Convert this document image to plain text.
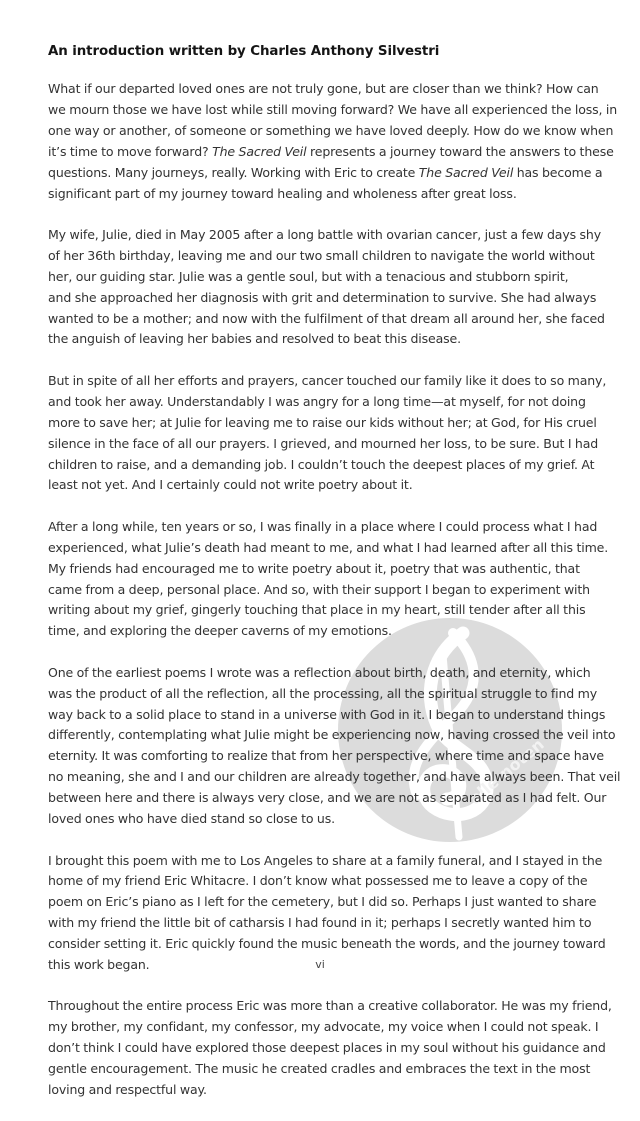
alle-noten
An introduction written by Charles Anthony Silvestri

What if our departed loved ones are not truly gone, but are closer than we think? How can
we mourn those we have lost while still moving forward? We have all experienced the loss, in
one way or another, of someone or something we have loved deeply. How do we know when
it’s time to move forward? The Sacred Veil represents a journey toward the answers to these
questions. Many journeys, really. Working with Eric to create The Sacred Veil has become a
significant part of my journey toward healing and wholeness after great loss.

My wife, Julie, died in May 2005 after a long battle with ovarian cancer, just a few days shy
of her 36th birthday, leaving me and our two small children to navigate the world without
her, our guiding star. Julie was a gentle soul, but with a tenacious and stubborn spirit,
and she approached her diagnosis with grit and determination to survive. She had always
wanted to be a mother; and now with the fulfilment of that dream all around her, she faced
the anguish of leaving her babies and resolved to beat this disease.

But in spite of all her efforts and prayers, cancer touched our family like it does to so many,
and took her away. Understandably I was angry for a long time—at myself, for not doing
more to save her; at Julie for leaving me to raise our kids without her; at God, for His cruel
silence in the face of all our prayers. I grieved, and mourned her loss, to be sure. But I had
children to raise, and a demanding job. I couldn’t touch the deepest places of my grief. At
least not yet. And I certainly could not write poetry about it.

After a long while, ten years or so, I was finally in a place where I could process what I had
experienced, what Julie’s death had meant to me, and what I had learned after all this time.
My friends had encouraged me to write poetry about it, poetry that was authentic, that
came from a deep, personal place. And so, with their support I began to experiment with
writing about my grief, gingerly touching that place in my heart, still tender after all this
time, and exploring the deeper caverns of my emotions.

One of the earliest poems I wrote was a reflection about birth, death, and eternity, which
was the product of all the reflection, all the processing, all the spiritual struggle to find my
way back to a solid place to stand in a universe with God in it. I began to understand things
differently, contemplating what Julie might be experiencing now, having crossed the veil into
eternity. It was comforting to realize that from her perspective, where time and space have
no meaning, she and I and our children are already together, and have always been. That veil
between here and there is always very close, and we are not as separated as I had felt. Our
loved ones who have died stand so close to us.

I brought this poem with me to Los Angeles to share at a family funeral, and I stayed in the
home of my friend Eric Whitacre. I don’t know what possessed me to leave a copy of the
poem on Eric’s piano as I left for the cemetery, but I did so. Perhaps I just wanted to share
with my friend the little bit of catharsis I had found in it; perhaps I secretly wanted him to
consider setting it. Eric quickly found the music beneath the words, and the journey toward
this work began.

Throughout the entire process Eric was more than a creative collaborator. He was my friend,
my brother, my confidant, my confessor, my advocate, my voice when I could not speak. I
don’t think I could have explored those deepest places in my soul without his guidance and
gentle encouragement. The music he created cradles and embraces the text in the most
loving and respectful way.

vi
